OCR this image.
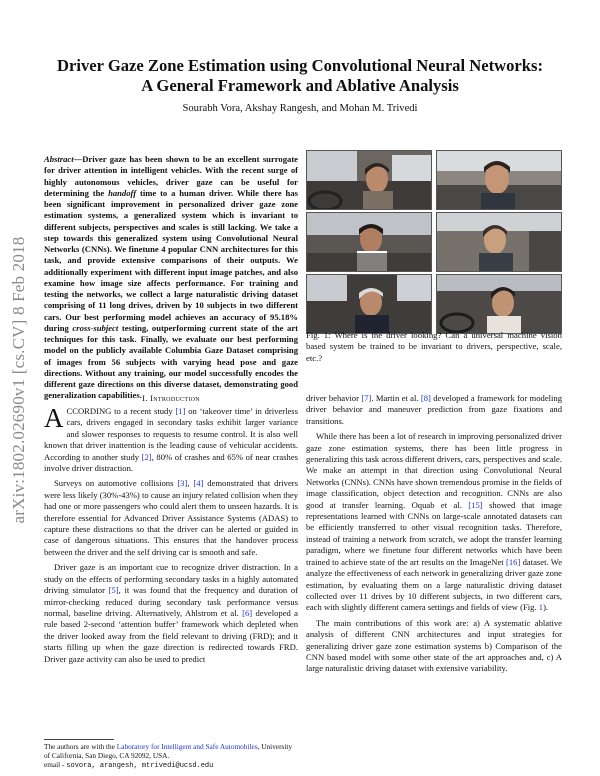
arXiv:1802.02690v1 [cs.CV] 8 Feb 2018
Driver Gaze Zone Estimation using Convolutional Neural Networks:
A General Framework and Ablative Analysis
Sourabh Vora, Akshay Rangesh, and Mohan M. Trivedi
Abstract—Driver gaze has been shown to be an excellent surrogate for driver attention in intelligent vehicles. With the recent surge of highly autonomous vehicles, driver gaze can be useful for determining the handoff time to a human driver. While there has been significant improvement in personalized driver gaze zone estimation systems, a generalized system which is invariant to different subjects, perspectives and scales is still lacking. We take a step towards this generalized system using Convolutional Neural Networks (CNNs). We finetune 4 popular CNN architectures for this task, and provide extensive comparisons of their outputs. We additionally experiment with different input image patches, and also examine how image size affects performance. For training and testing the networks, we collect a large naturalistic driving dataset comprising of 11 long drives, driven by 10 subjects in two different cars. Our best performing model achieves an accuracy of 95.18% during cross-subject testing, outperforming current state of the art techniques for this task. Finally, we evaluate our best performing model on the publicly available Columbia Gaze Dataset comprising of images from 56 subjects with varying head pose and gaze directions. Without any training, our model successfully encodes the different gaze directions on this diverse dataset, demonstrating good generalization capabilities. I. Introduction

ACCORDING to a recent study [1] on ‘takeover time’ in driverless cars, drivers engaged in secondary tasks exhibit larger variance and slower responses to requests to resume control. It is also well known that driver inattention is the leading cause of vehicular accidents. According to another study [2], 80% of crashes and 65% of near crashes involve driver distraction.

Surveys on automotive collisions [3], [4] demonstrated that drivers were less likely (30%-43%) to cause an injury related collision when they had one or more passengers who could alert them to unseen hazards. It is therefore essential for Advanced Driver Assistance Systems (ADAS) to capture these distractions so that the driver can be alerted or guided in case of dangerous situations. This ensures that the handover process between the driver and the self driving car is smooth and safe.

Driver gaze is an important cue to recognize driver distraction. In a study on the effects of performing secondary tasks in a highly automated driving simulator [5], it was found that the frequency and duration of mirror-checking reduced during secondary task performance versus normal, baseline driving. Alternatively, Ahlstrom et al. [6] developed a rule based 2-second ‘attention buffer’ framework which depleted when the driver looked away from the field relevant to driving (FRD); and it starts filling up when the gaze direction is redirected towards FRD. Driver gaze activity can also be used to predict

The authors are with the Laboratory for Intelligent and Safe Automobiles, University of California, San Diego, CA 92092, USA.
email - sovora, arangesh, mtrivedi@ucsd.edu
Fig. 1: Where is the driver looking? Can a universal machine vision based system be trained to be invariant to drivers, perspective, scale, etc.?

driver behavior [7]. Martin et al. [8] developed a framework for modeling driver behavior and maneuver prediction from gaze fixations and transitions.

While there has been a lot of research in improving personalized driver gaze zone estimation systems, there has been little progress in generalizing this task across different drivers, cars, perspectives and scale. We make an attempt in that direction using Convolutional Neural Networks (CNNs). CNNs have shown tremendous promise in the fields of image classification, object detection and recognition. CNNs are also good at transfer learning. Oquab et al. [15] showed that image representations learned with CNNs on large-scale annotated datasets can be efficiently transferred to other visual recognition tasks. Therefore, instead of training a network from scratch, we adopt the transfer learning paradigm, where we finetune four different networks which have been trained to achieve state of the art results on the ImageNet [16] dataset. We analyze the effectiveness of each network in generalizing driver gaze zone estimation, by evaluating them on a large naturalistic driving dataset collected over 11 drives by 10 different subjects, in two different cars, each with slightly different camera settings and fields of view (Fig. 1).

The main contributions of this work are: a) A systematic ablative analysis of different CNN architectures and input strategies for generalizing driver gaze zone estimation systems b) Comparison of the CNN based model with some other state of the art approaches and, c) A large naturalistic driving dataset with extensive variability.
